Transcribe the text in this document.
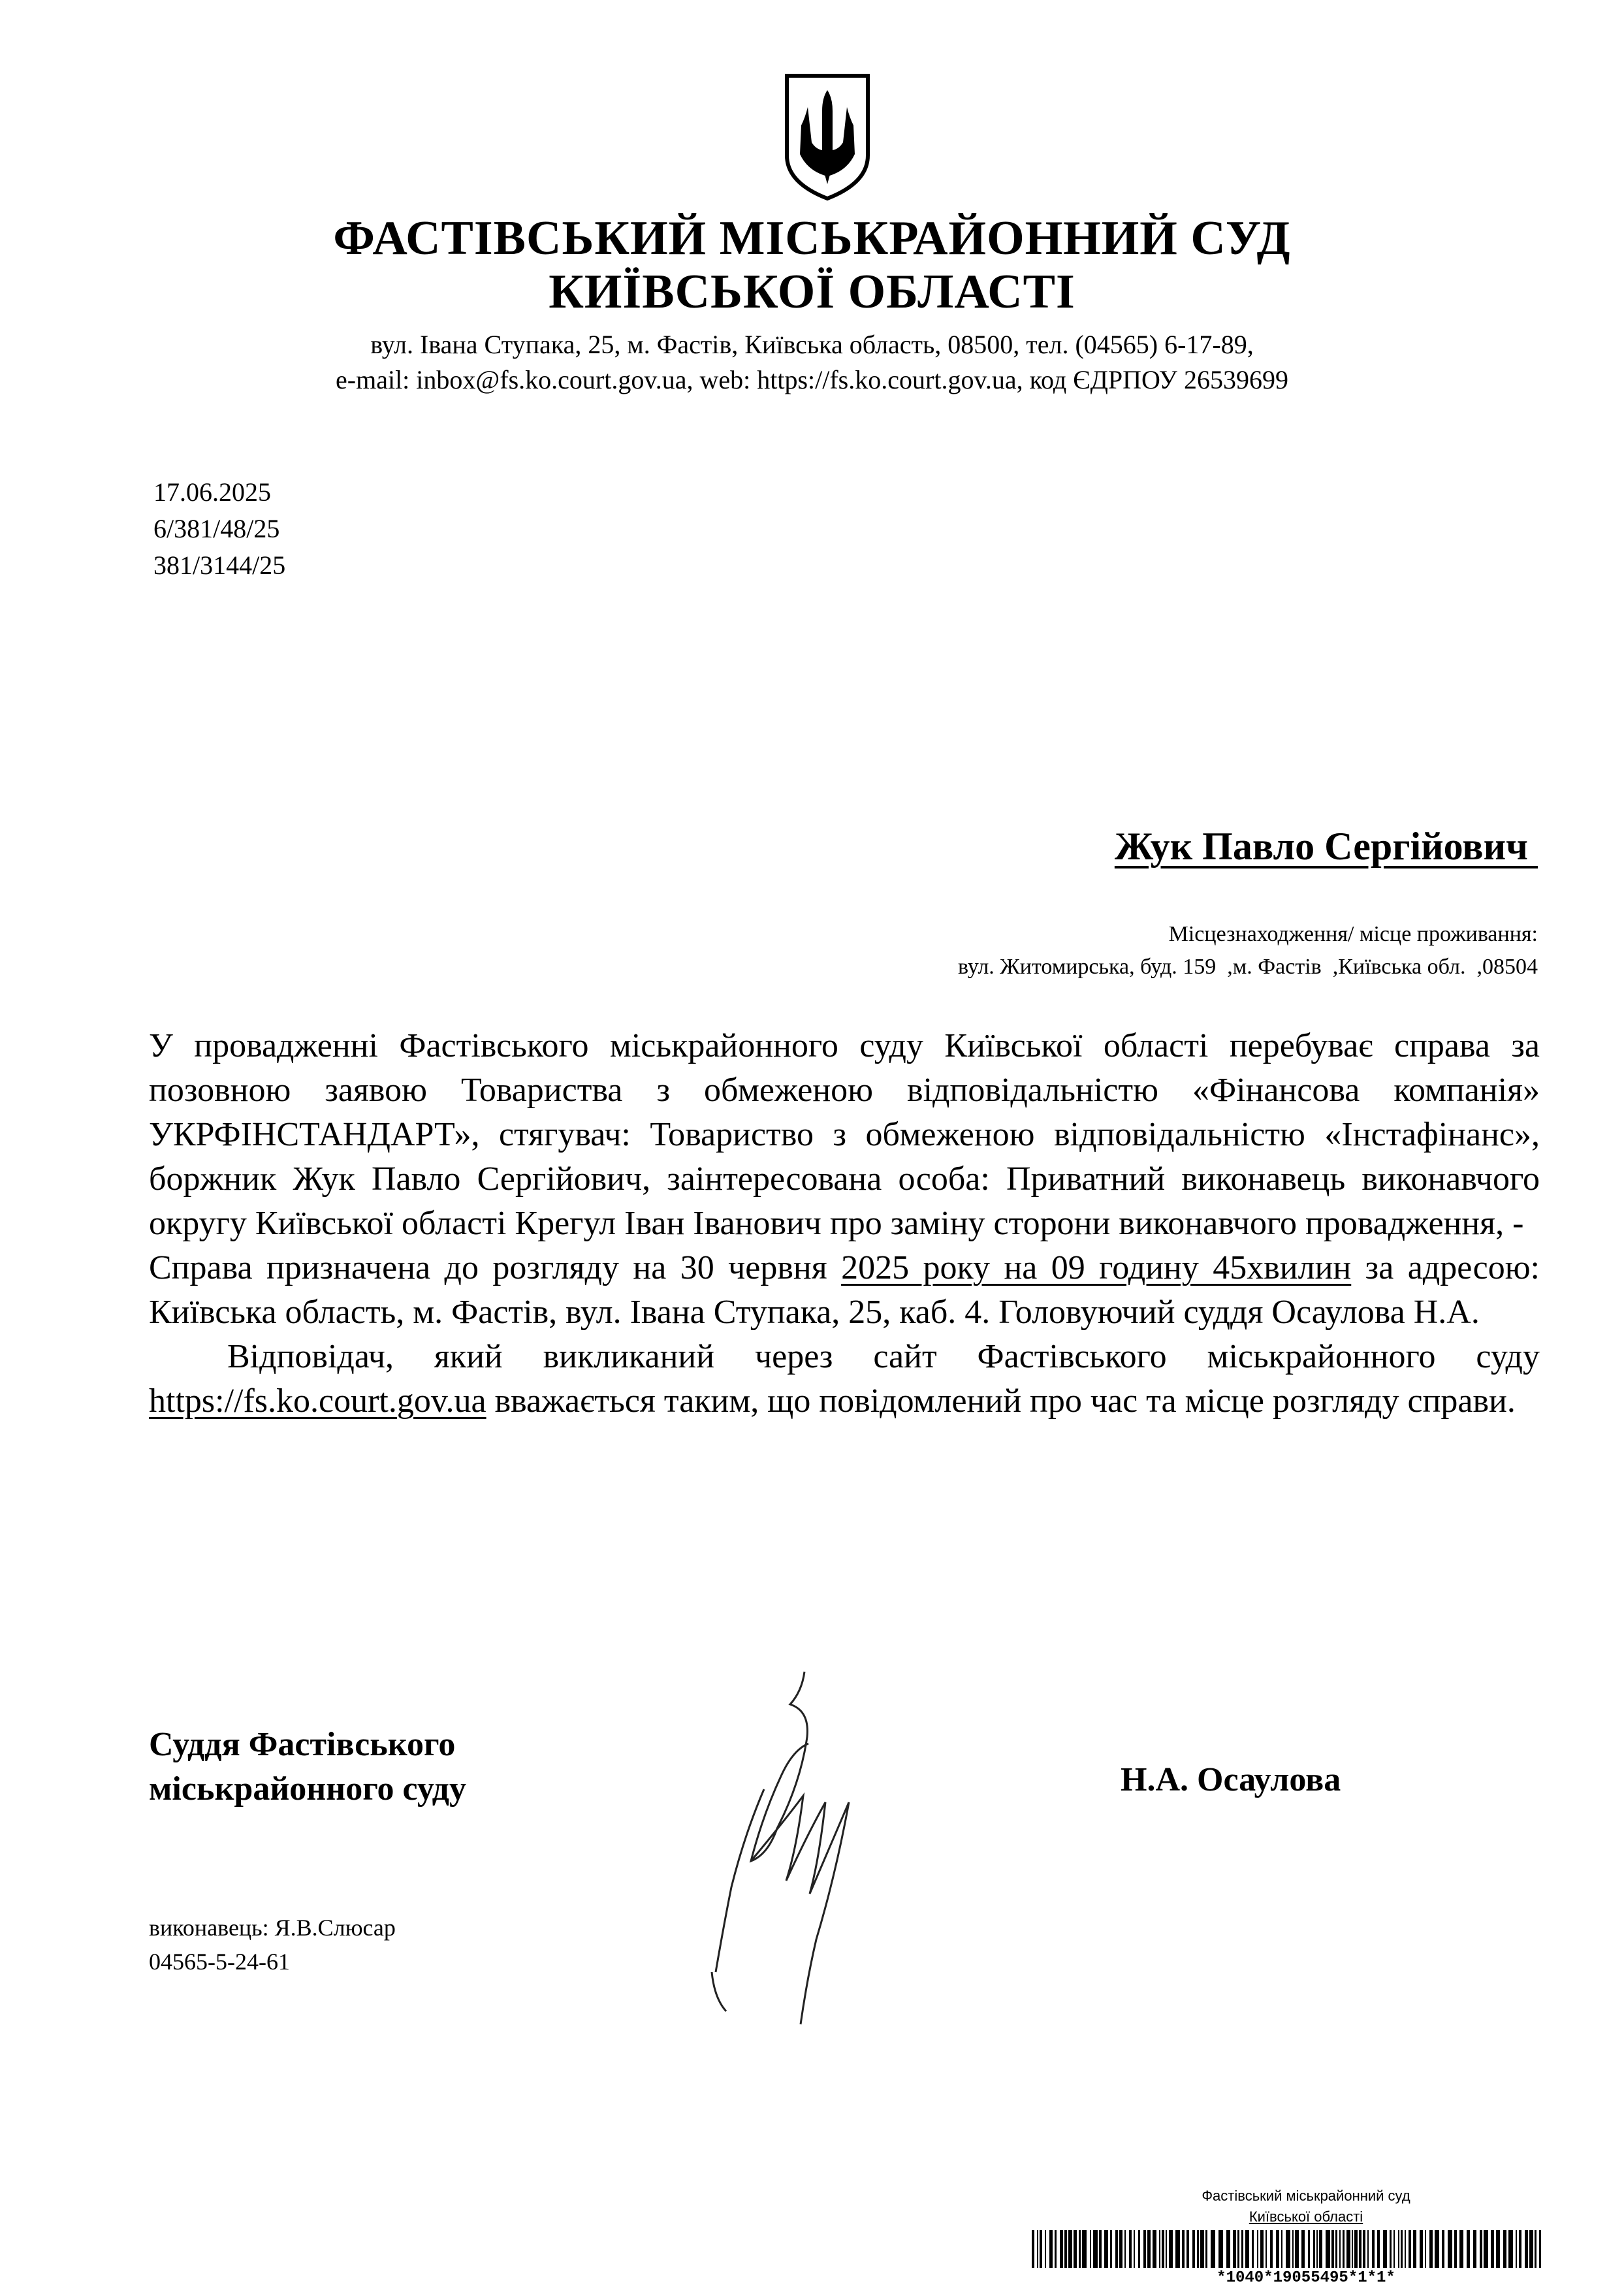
ФАСТІВСЬКИЙ МІСЬКРАЙОННИЙ СУД
КИЇВСЬКОЇ ОБЛАСТІ
вул. Івана Ступака, 25, м. Фастів, Київська область, 08500, тел. (04565) 6-17-89,
e-mail: inbox@fs.ko.court.gov.ua, web: https://fs.ko.court.gov.ua, код ЄДРПОУ 26539699
17.06.2025
6/381/48/25
381/3144/25
Жук Павло Сергійович
Місцезнаходження/ місце проживання:
вул. Житомирська, буд. 159  ,м. Фастів  ,Київська обл.  ,08504

У провадженні Фастівського міськрайонного суду Київської області перебуває справа за позовною заявою Товариства з обмеженою відповідальністю «Фінансова компанія» УКРФІНСТАНДАРТ», стягувач: Товариство з обмеженою відповідальністю «Інстафінанс», боржник Жук Павло Сергійович, заінтересована особа: Приватний виконавець виконавчого округу Київської області Крегул Іван Іванович про заміну сторони виконавчого провадження, -

Справа призначена до розгляду на 30 червня 2025 року на 09 годину 45хвилин за адресою: Київська область, м. Фастів, вул. Івана Ступака, 25, каб. 4. Головуючий суддя Осаулова Н.А.

Відповідач, який викликаний через сайт Фастівського міськрайонного суду https://fs.ko.court.gov.ua вважається таким, що повідомлений про час та місце розгляду справи.

Суддя Фастівського
міськрайонного суду	Н.А. Осаулова
виконавець: Я.В.Слюсар
04565-5-24-61
Фастівський міськрайонний суд
Київської області
*1040*19055495*1*1*
